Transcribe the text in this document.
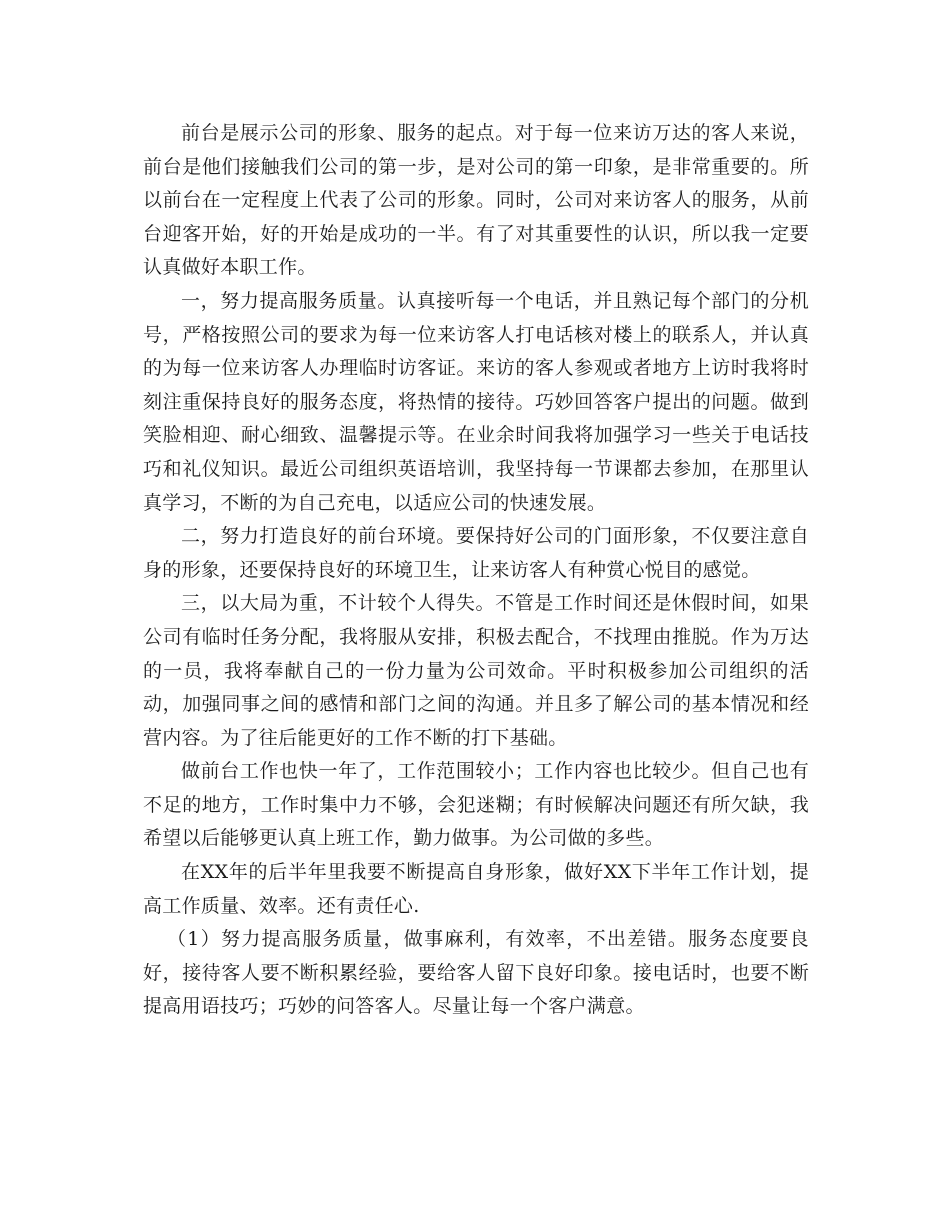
前台是展示公司的形象、服务的起点。对于每一位来访万达的客人来说，前台是他们接触我们公司的第一步，是对公司的第一印象，是非常重要的。所以前台在一定程度上代表了公司的形象。同时，公司对来访客人的服务，从前台迎客开始，好的开始是成功的一半。有了对其重要性的认识，所以我一定要认真做好本职工作。

一，努力提高服务质量。认真接听每一个电话，并且熟记每个部门的分机号，严格按照公司的要求为每一位来访客人打电话核对楼上的联系人，并认真的为每一位来访客人办理临时访客证。来访的客人参观或者地方上访时我将时刻注重保持良好的服务态度，将热情的接待。巧妙回答客户提出的问题。做到笑脸相迎、耐心细致、温馨提示等。在业余时间我将加强学习一些关于电话技巧和礼仪知识。最近公司组织英语培训，我坚持每一节课都去参加，在那里认真学习，不断的为自己充电，以适应公司的快速发展。

二，努力打造良好的前台环境。要保持好公司的门面形象，不仅要注意自身的形象，还要保持良好的环境卫生，让来访客人有种赏心悦目的感觉。

三，以大局为重，不计较个人得失。不管是工作时间还是休假时间，如果公司有临时任务分配，我将服从安排，积极去配合，不找理由推脱。作为万达的一员，我将奉献自己的一份力量为公司效命。平时积极参加公司组织的活动，加强同事之间的感情和部门之间的沟通。并且多了解公司的基本情况和经营内容。为了往后能更好的工作不断的打下基础。

做前台工作也快一年了，工作范围较小；工作内容也比较少。但自己也有不足的地方，工作时集中力不够，会犯迷糊；有时候解决问题还有所欠缺，我希望以后能够更认真上班工作，勤力做事。为公司做的多些。

在XX年的后半年里我要不断提高自身形象，做好XX下半年工作计划，提高工作质量、效率。还有责任心.

（1）努力提高服务质量，做事麻利，有效率，不出差错。服务态度要良好，接待客人要不断积累经验，要给客人留下良好印象。接电话时，也要不断提高用语技巧；巧妙的问答客人。尽量让每一个客户满意。
